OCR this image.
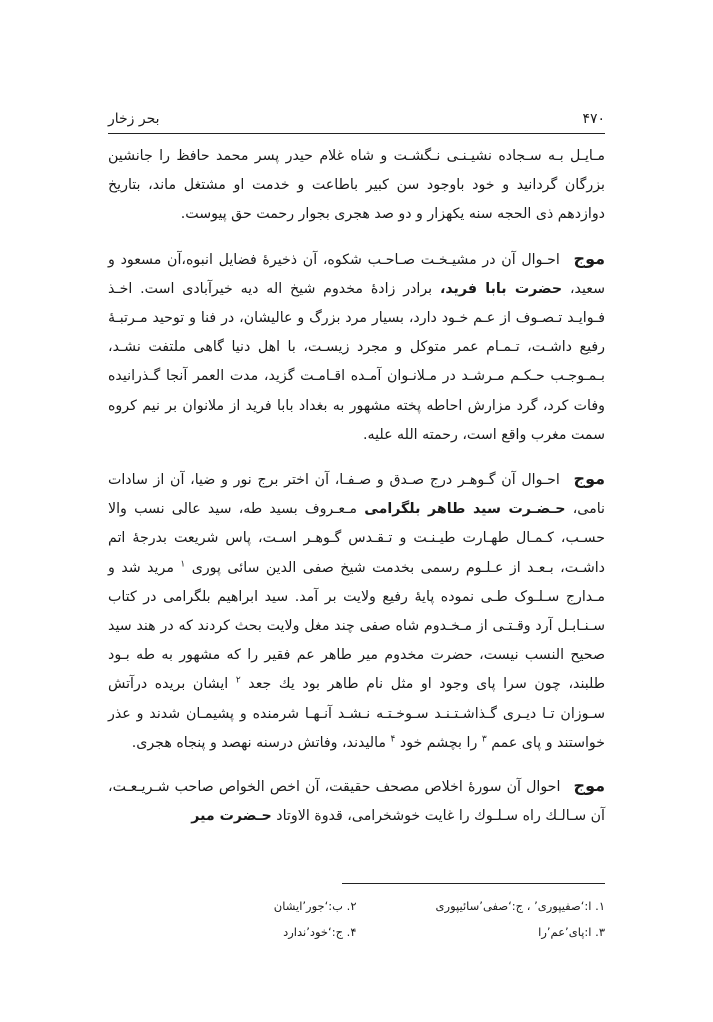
۴۷۰
بحر زخار

مـایـل بـه سـجاده نشیـنـی نـگشـت و شاه غلام حیدر پسر محمد حافظ را جانشین بزرگان گردانید و خود باوجود سن کبیر باطاعت و خدمت او مشتغل ماند، بتاریخ دوازدهم ذی الحجه سنه یکهزار و دو صد هجری بجوار رحمت حق پیوست.

موج احـوال آن در مشیـخـت صـاحـب شکوه، آن ذخیرۀ فضایل انبوه،آن مسعود و سعید، حضرت بابا فرید، برادر زادۀ مخدوم شیخ اله دیه خیرآبادی است. اخـذ فـوایـد تـصـوف از عـم خـود دارد، بسیار مرد بزرگ و عالیشان، در فنا و توحید مـرتبـۀ رفیع داشـت، تـمـام عمر متوکل و مجرد زیسـت، با اهل دنیا گاهی ملتفت نشـد، بـمـوجـب حـکـم مـرشـد در مـلانـوان آمـده اقـامـت گزید، مدت العمر آنجا گـذرانیده وفات کرد، گرد مزارش احاطه پخته مشهور به بغداد بابا فرید از ملانوان بر نیم کروه سمت مغرب واقع است، رحمته الله علیه.

موج احـوال آن گـوهـر درج صـدق و صـفـا، آن اختر برج نور و ضیا، آن از سادات نامی، حـضـرت سید طاهر بلگرامی مـعـروف بسید طه، سید عالی نسب والا حسـب، کـمـال طهـارت طیـنـت و تـقـدس گـوهـر اسـت، پاس شریعت بدرجۀ اتم داشـت، بـعـد از عـلـوم رسمی بخدمت شیخ صفی الدین سائی پوری $^۱$ مرید شد و مـدارج سـلـوک طـی نموده پایۀ رفیع ولایت بر آمد. سید ابراهیم بلگرامی در کتاب سـنـابـل آرد وقـتـی از مـخـدوم شاه صفی چند مغل ولایت بحث کردند که در هند سید صحیح النسب نیست، حضرت مخدوم میر طاهر عم فقیر را که مشهور به طه بـود طلبند، چون سرا پای وجود او مثل نام طاهر بود یك جعد $^۲$ ایشان بریده درآتش سـوزان تـا دیـری گـذاشـتـنـد سـوخـتـه نـشـد آنـهـا شرمنده و پشیمـان شدند و عذر خواستند و پای عمم $^۳$ را بچشم خود $^۴$ مالیدند، وفاتش درسنه نهصد و پنجاه هجری.

موج احوال آن سورۀ اخلاص مصحف حقیقت، آن اخص الخواص صاحب شـریـعـت، آن سـالـك راه سـلـوك را غایت خوشخرامی، قدوة الاوتاد حـضرت میر

۱. ا:‘صفیپوری’ ، ج:‘صفی’سائیپوری
۲. ب:‘جور’ایشان
۳. ا:پای’عم’را
۴. ج:‘خود’ندارد
